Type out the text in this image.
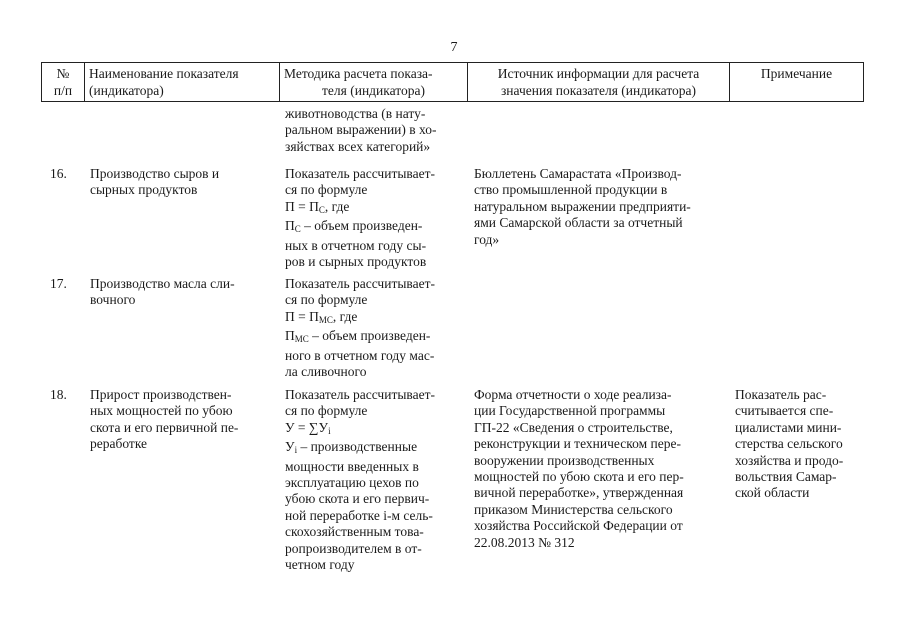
7
№
п/п
Наименование показателя
(индикатора)
Методика расчета показа-
теля (индикатора)
Источник информации для расчета
значения показателя (индикатора)
Примечание
животноводства (в нату-
ральном выражении) в хо-
зяйствах всех категорий»
16. Производство сыров и
сырных продуктов
Показатель рассчитывает-
ся по формуле
$П = П_С$, где
$П_С$ – объем произведен-
ных в отчетном году сы-
ров и сырных продуктов
Бюллетень Самарастата «Производ-
ство промышленной продукции в
натуральном выражении предприяти-
ями Самарской области за отчетный
год»
17. Производство масла сли-
вочного
Показатель рассчитывает-
ся по формуле
$П = П_{МС}$, где
$П_{МС}$ – объем произведен-
ного в отчетном году мас-
ла сливочного
18. Прирост производствен-
ных мощностей по убою
скота и его первичной пе-
реработке
Показатель рассчитывает-
ся по формуле
$У = \sum У_i$
$У_i$ – производственные
мощности введенных в
эксплуатацию цехов по
убою скота и его первич-
ной переработке i-м сель-
скохозяйственным това-
ропроизводителем в от-
четном году
Форма отчетности о ходе реализа-
ции Государственной программы
ГП-22 «Сведения о строительстве,
реконструкции и техническом пере-
вооружении производственных
мощностей по убою скота и его пер-
вичной переработке», утвержденная
приказом Министерства сельского
хозяйства Российской Федерации от
22.08.2013 № 312
Показатель рас-
считывается спе-
циалистами мини-
стерства сельского
хозяйства и продо-
вольствия Самар-
ской области
